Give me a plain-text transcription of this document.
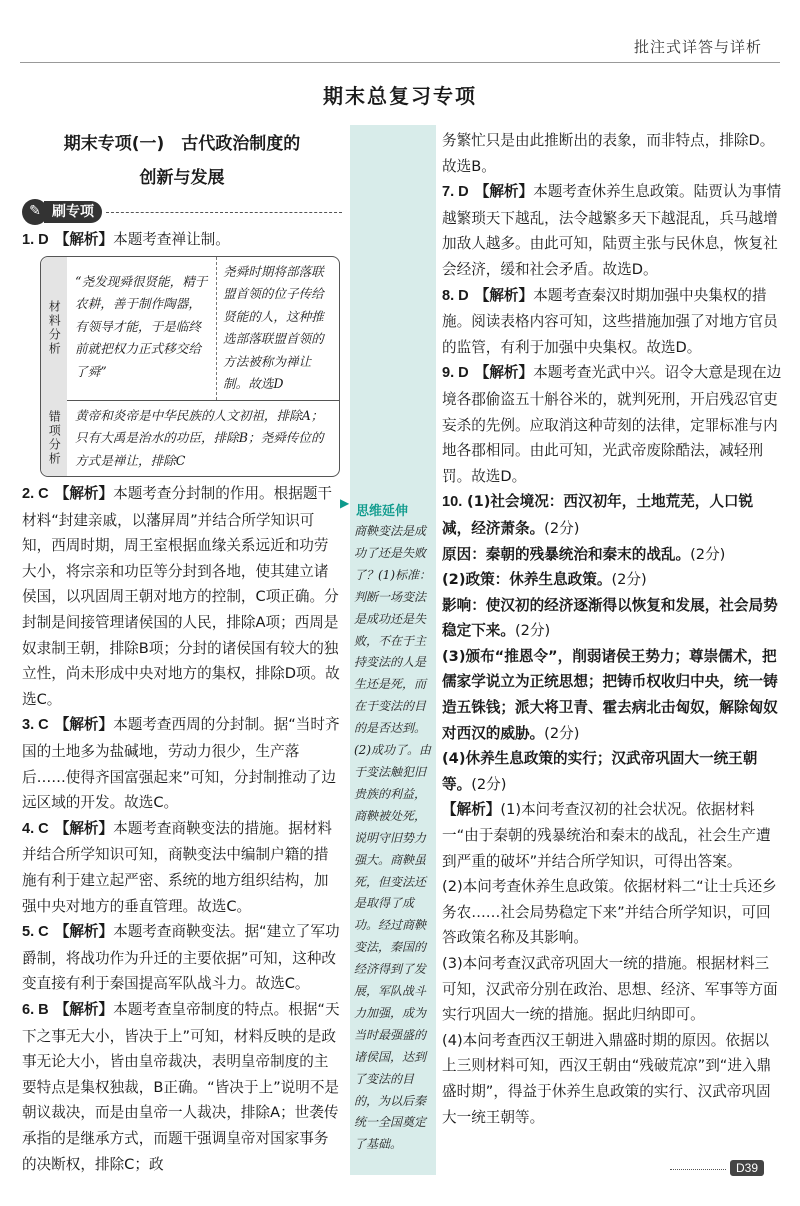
批注式详答与详析
期末总复习专项
期末专项(一)　古代政治制度的
创新与发展
✎ 刷专项
1. D 【解析】本题考查禅让制。
材料分析
“尧发现舜很贤能，精于农耕，善于制作陶器，有领导才能，于是临终前就把权力正式移交给了舜”
尧舜时期将部落联盟首领的位子传给贤能的人，这种推选部落联盟首领的方法被称为禅让制。故选D
错项分析	黄帝和炎帝是中华民族的人文初祖，排除A；只有大禹是治水的功臣，排除B；尧舜传位的方式是禅让，排除C
2. C 【解析】本题考查分封制的作用。根据题干材料“封建亲戚，以藩屏周”并结合所学知识可知，西周时期，周王室根据血缘关系远近和功劳大小，将宗亲和功臣等分封到各地，使其建立诸侯国，以巩固周王朝对地方的控制，C项正确。分封制是间接管理诸侯国的人民，排除A项；西周是奴隶制王朝，排除B项；分封的诸侯国有较大的独立性，尚未形成中央对地方的集权，排除D项。故选C。
3. C 【解析】本题考查西周的分封制。据“当时齐国的土地多为盐碱地，劳动力很少，生产落后……使得齐国富强起来”可知，分封制推动了边远区域的开发。故选C。
4. C 【解析】本题考查商鞅变法的措施。据材料并结合所学知识可知，商鞅变法中编制户籍的措施有利于建立起严密、系统的地方组织结构，加强中央对地方的垂直管理。故选C。
5. C 【解析】本题考查商鞅变法。据“建立了军功爵制，将战功作为升迁的主要依据”可知，这种改变直接有利于秦国提高军队战斗力。故选C。
6. B 【解析】本题考查皇帝制度的特点。根据“天下之事无大小，皆决于上”可知，材料反映的是政事无论大小，皆由皇帝裁决，表明皇帝制度的主要特点是集权独裁，B正确。“皆决于上”说明不是朝议裁决，而是由皇帝一人裁决，排除A；世袭传承指的是继承方式，而题干强调皇帝对国家事务的决断权，排除C；政
▶
思维延伸
商鞅变法是成功了还是失败了？(1)标准：判断一场变法是成功还是失败，不在于主持变法的人是生还是死，而在于变法的目的是否达到。(2)成功了。由于变法触犯旧贵族的利益，商鞅被处死，说明守旧势力强大。商鞅虽死，但变法还是取得了成功。经过商鞅变法，秦国的经济得到了发展，军队战斗力加强，成为当时最强盛的诸侯国，达到了变法的目的，为以后秦统一全国奠定了基础。
务繁忙只是由此推断出的表象，而非特点，排除D。故选B。
7. D 【解析】本题考查休养生息政策。陆贾认为事情越繁琐天下越乱，法令越繁多天下越混乱，兵马越增加敌人越多。由此可知，陆贾主张与民休息，恢复社会经济，缓和社会矛盾。故选D。
8. D 【解析】本题考查秦汉时期加强中央集权的措施。阅读表格内容可知，这些措施加强了对地方官员的监管，有利于加强中央集权。故选D。
9. D 【解析】本题考查光武中兴。诏令大意是现在边境各郡偷盗五十斛谷米的，就判死刑，开启残忍官吏妄杀的先例。应取消这种苛刻的法律，定罪标准与内地各郡相同。由此可知，光武帝废除酷法，减轻刑罚。故选D。
10. (1)社会境况：西汉初年，土地荒芜，人口锐减，经济萧条。(2分)
原因：秦朝的残暴统治和秦末的战乱。(2分)
(2)政策：休养生息政策。(2分)
影响：使汉初的经济逐渐得以恢复和发展，社会局势稳定下来。(2分)
(3)颁布“推恩令”，削弱诸侯王势力；尊崇儒术，把儒家学说立为正统思想；把铸币权收归中央，统一铸造五铢钱；派大将卫青、霍去病北击匈奴，解除匈奴对西汉的威胁。(2分)
(4)休养生息政策的实行；汉武帝巩固大一统王朝等。(2分)
【解析】(1)本问考查汉初的社会状况。依据材料一“由于秦朝的残暴统治和秦末的战乱，社会生产遭到严重的破坏”并结合所学知识，可得出答案。
(2)本问考查休养生息政策。依据材料二“让士兵还乡务农……社会局势稳定下来”并结合所学知识，可回答政策名称及其影响。
(3)本问考查汉武帝巩固大一统的措施。根据材料三可知，汉武帝分别在政治、思想、经济、军事等方面实行巩固大一统的措施。据此归纳即可。
(4)本问考查西汉王朝进入鼎盛时期的原因。依据以上三则材料可知，西汉王朝由“残破荒凉”到“进入鼎盛时期”，得益于休养生息政策的实行、汉武帝巩固大一统王朝等。
D39
